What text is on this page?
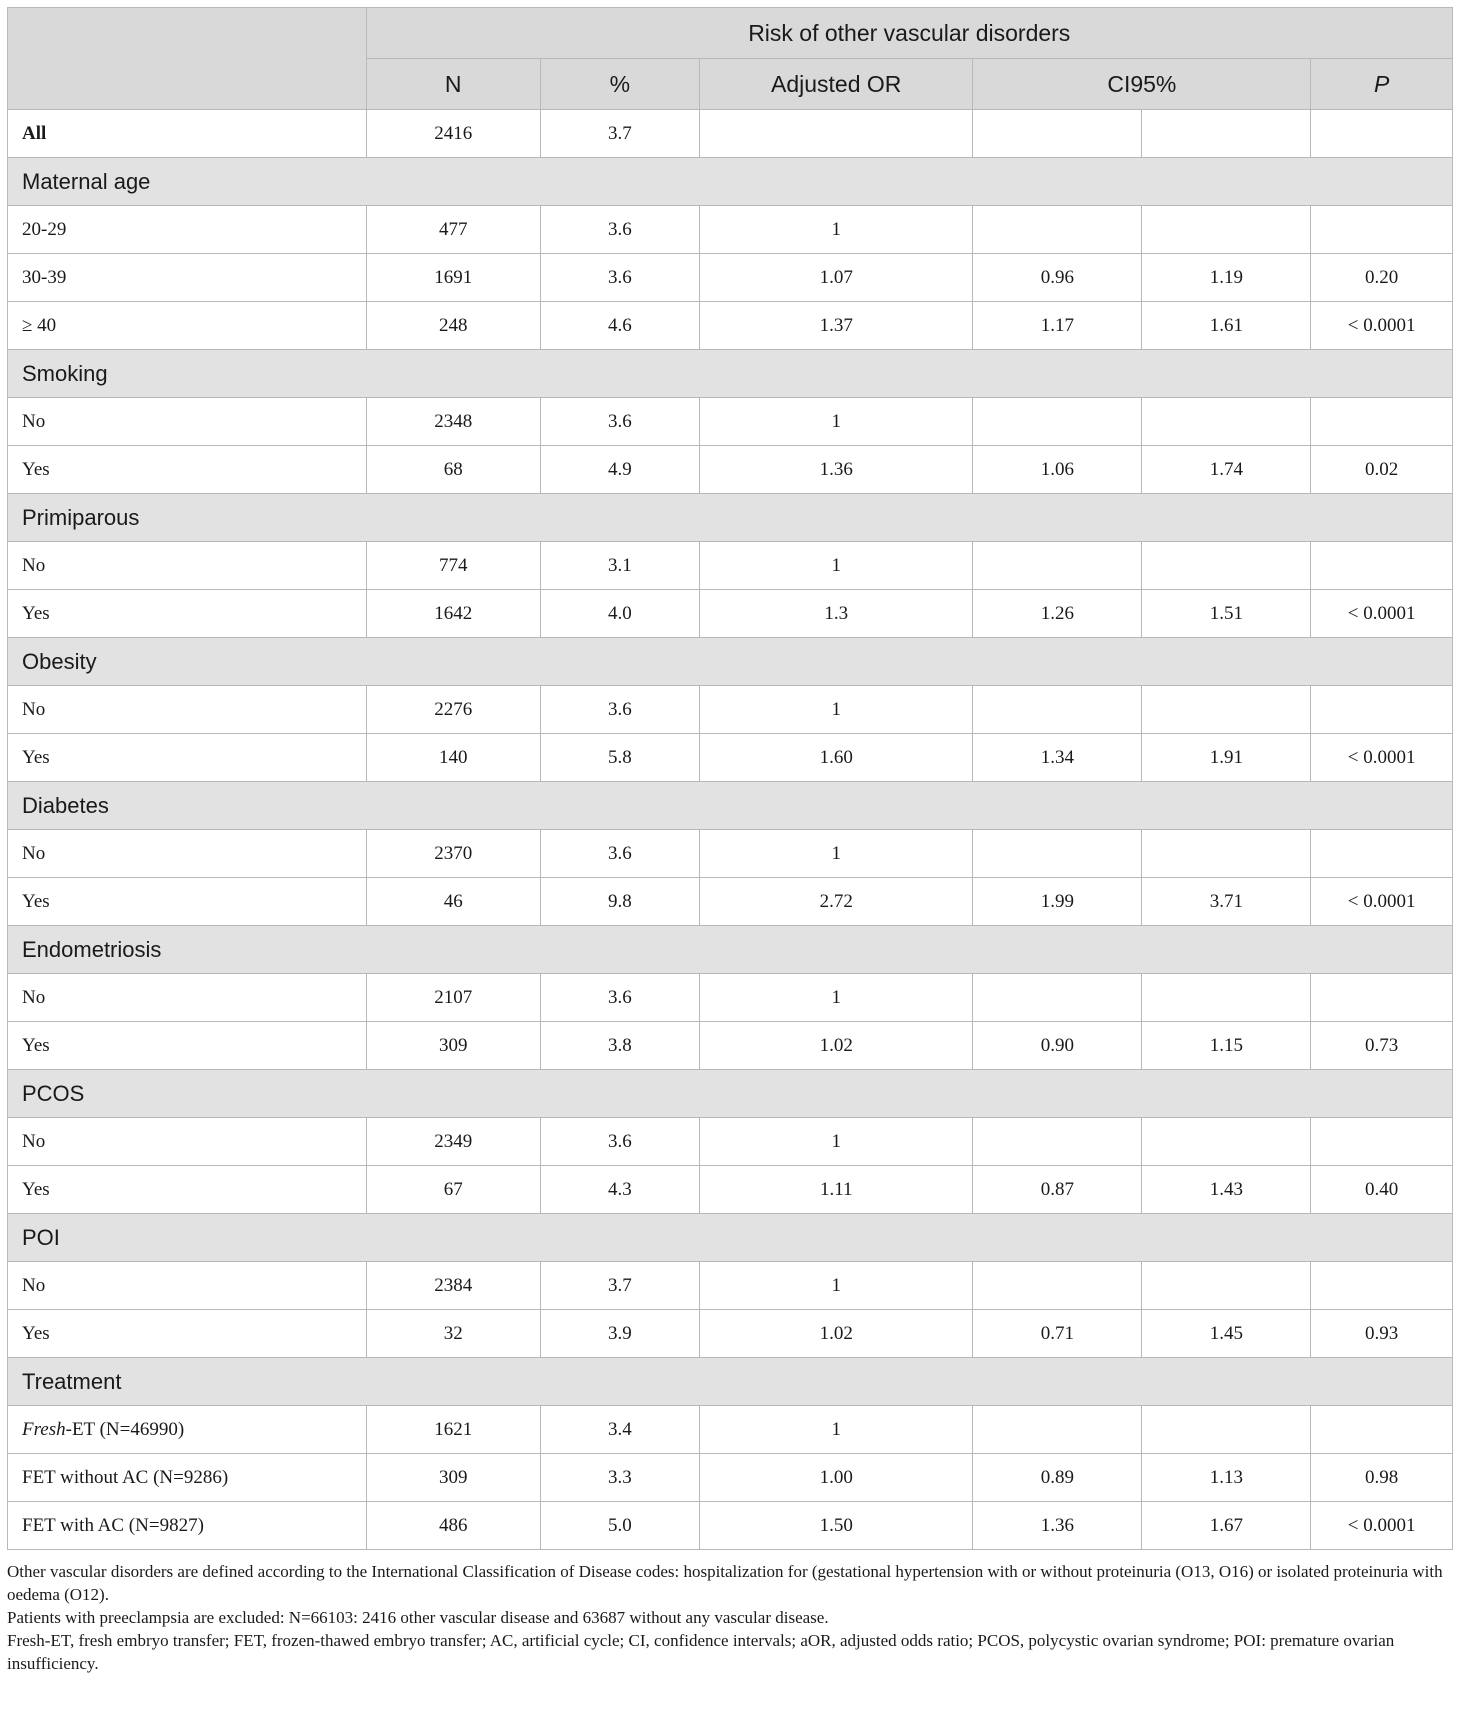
	Risk of other vascular disorders					
	N	%	Adjusted OR	CI95%		P
All	2416	3.7				
Maternal age						
20-29	477	3.6	1			
30-39	1691	3.6	1.07	0.96	1.19	0.20
≥ 40	248	4.6	1.37	1.17	1.61	< 0.0001
Smoking						
No	2348	3.6	1			
Yes	68	4.9	1.36	1.06	1.74	0.02
Primiparous						
No	774	3.1	1			
Yes	1642	4.0	1.3	1.26	1.51	< 0.0001
Obesity						
No	2276	3.6	1			
Yes	140	5.8	1.60	1.34	1.91	< 0.0001
Diabetes						
No	2370	3.6	1			
Yes	46	9.8	2.72	1.99	3.71	< 0.0001
Endometriosis						
No	2107	3.6	1			
Yes	309	3.8	1.02	0.90	1.15	0.73
PCOS						
No	2349	3.6	1			
Yes	67	4.3	1.11	0.87	1.43	0.40
POI						
No	2384	3.7	1			
Yes	32	3.9	1.02	0.71	1.45	0.93
Treatment						
Fresh-ET (N=46990)	1621	3.4	1			
FET without AC (N=9286)	309	3.3	1.00	0.89	1.13	0.98
FET with AC (N=9827)	486	5.0	1.50	1.36	1.67	< 0.0001

Other vascular disorders are defined according to the International Classification of Disease codes: hospitalization for (gestational hypertension with or without proteinuria (O13, O16) or isolated proteinuria with oedema (O12).

Patients with preeclampsia are excluded: N=66103: 2416 other vascular disease and 63687 without any vascular disease.

Fresh-ET, fresh embryo transfer; FET, frozen-thawed embryo transfer; AC, artificial cycle; CI, confidence intervals; aOR, adjusted odds ratio; PCOS, polycystic ovarian syndrome; POI: premature ovarian insufficiency.
